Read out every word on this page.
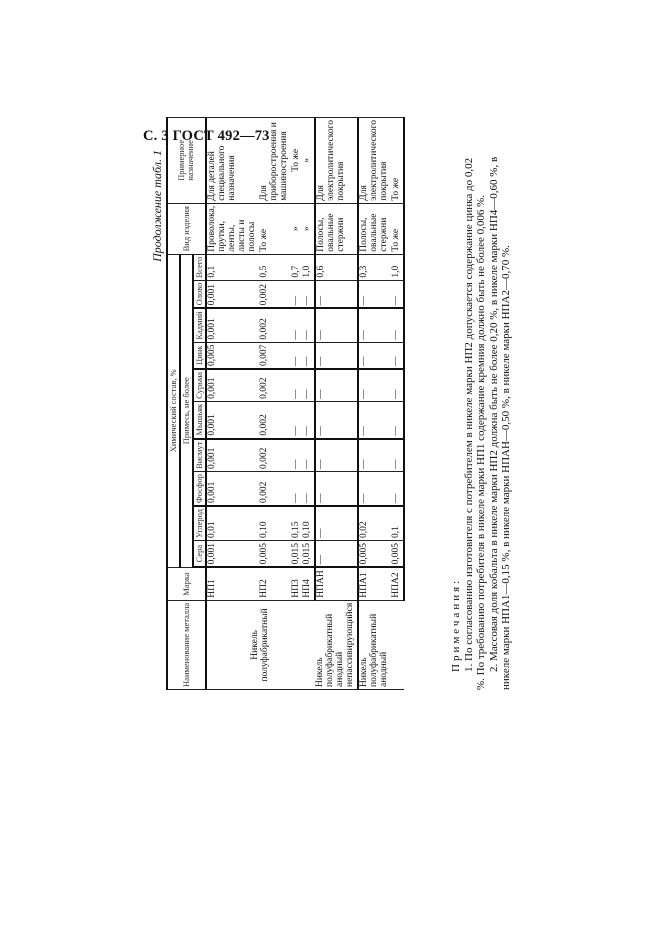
С. 3 ГОСТ 492—73
Продолжение табл. 1
Наименование металла	Марка	Химический состав, %										Вид изделия	Примерное назначение
		Примесь, не более											
		Сера	Углерод	Фосфор	Висмут	Мышьяк	Сурьма	Цинк	Кадмий	Олово	Всего		
Никель полуфабрикатный	НП1	0,001	0,01	0,001	0,001	0,001	0,001	0,005	0,001	0,001	0,1	Проволока, прутки, ленты, листы и полосы	Для деталей специального назначения
	НП2	0,005	0,10	0,002	0,002	0,002	0,002	0,007	0,002	0,002	0,5	То же	Для приборостроения и машиностроения
	НП3	0,015	0,15	—	—	—	—	—	—	—	0,7	»	То же
	НП4	0,015	0,10	—	—	—	—	—	—	—	1,0	»	»
Никель полуфабрикатный анодный непассивирующийся	НПАН	—	—	—	—	—	—	—	—	—	0,6	Полосы, овальные стержни	Для электролитического покрытия
Никель полуфабрикатный анодный	НПА1	0,005	0,02	—	—	—	—	—	—	—	0,3	Полосы, овальные стержни	Для электролитического покрытия
	НПА2	0,005	0,1	—	—	—	—	—	—	—	1,0	То же	То же
Примечания: 1. По согласованию изготовителя с потребителем в никеле марки НП2 допускается содержание цинка до 0,02 %. По требованию потребителя в никеле марки НП1 содержание кремния должно быть не более 0,006 %. 2. Массовая доля кобальта в никеле марки НП2 должна быть не более 0,20 %, в никеле марки НП4—0,60 %, в никеле марки НПА1—0,15 %, в никеле марки НПАН—0,50 %, в никеле марки НПА2—0,70 %.
